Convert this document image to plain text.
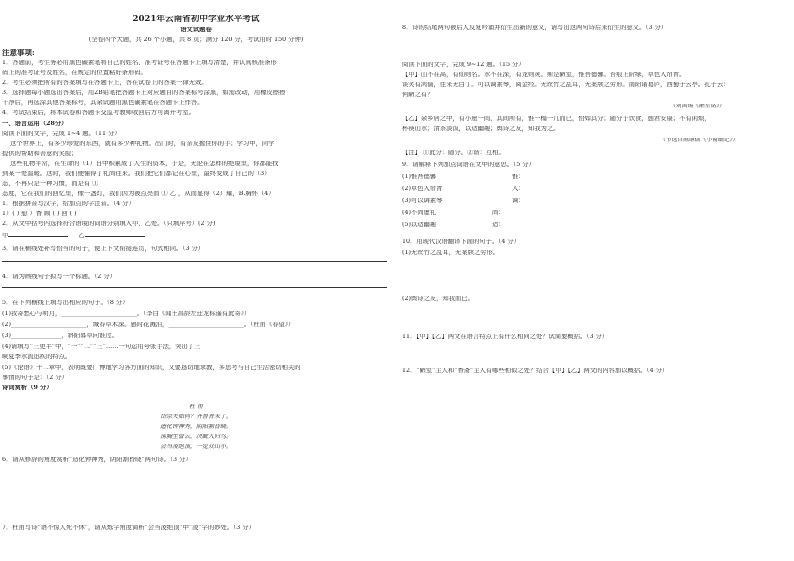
2021年云南省初中学业水平考试
语文试题卷
(全卷四个大题，共 26 个小题，共 8 页；满分 120 分，考试用时 150 分钟)
注意事项:
1．答题前，考生务必用黑色碳素笔将自己的姓名、准考证号在答题卡上填写清楚，并认真核准条形
码上的准考证号及姓名，在规定的位置粘好条形码。
2．考生必须把所有的答案填写在答题卡上，答在试卷上的答案一律无效。
3．选择题每小题选出答案后，用2B铅笔把答题卡上对应题目的答案标号涂黑，如需改动，用橡皮擦擦
干净后，再选涂其他答案标号，其余试题用黑色碳素笔在答题卡上作答。
4．考试结束后，将本试卷和答题卡交监考教师收回后方可离开考室。
一、语言运用（28分）
阅读下面的文字，完成 1~4 题。（11 分）
这个世界上，有多少珍爱的东西，就有多少种礼物。出门时，有亲友握住你的手；学习中，同学
提供的帮助和善意的笑脸；
这些礼物平常，在生命的（1）日中积累成了人生的资本，于是，无论在怎样的绝境里，你都能找
到某一处温暖。这时，我们便懂得了礼尚往来。我们把它们都记在心里，最终变成了自己的（3）
态，不再只是一种习惯，而是有 ①
态度，它在我们的回忆里，像一盏灯，我们因为被点亮而 ① 乙 ，从而显得（2）耀，B.胸怀（4）
1．根据拼音写汉字，给加点的字注音。（4 分）
1）( ) 慰 ）香 顾 ( ) 回 ( )
2．从文中括号内选择符合语境的词语分别填入甲、乙处。（只填序号）(2 分)
甲	乙
3．请在横线处补写恰当的句子，使上下文衔接连贯，句式相同。（3 分）
4．请为画线句子拟写一个标题。（2 分）
5．在下列横线上填写出相应的句子。（8 分）
(1)我寄愁心与明月，________________________。（李白《闻王昌龄左迁龙标遥有此寄》）
(2)________________________，城春草木深。感时花溅泪，________________________。（杜甫《春望》）
(3)________________，斜阳暮草向谁过。
(4)请填写“三更半”中，“一”“二”“三”……一句运用夸张手法，突出了三
峡夏季水流迅疾的特点。
(5)《论语》十二章中，表明既要广博地学习各方面的知识，又要恳切地求教，多思考与自己生活密切相关的
事情的句子是：（2 分）
诗词赏析（9 分）
杜 甫
岱宗夫如何？齐鲁青未了。
造化钟神秀，阴阳割昏晓。
荡胸生曾云，决眦入归鸟。
会当凌绝顶，一览众山小。
6．请从修辞的角度赏析“造化钟神秀，阴阳割昏晓”两句诗。（3 分）
7．杜甫写诗“语不惊人死不休”，请从炼字角度简析“会当凌绝顶”中“凌”字的妙处。（3 分）
8．诗的结尾两句被后人反复吟诵并衍生出新的意义，请写出这两句诗后来衍生的意义。（3 分）
阅读下面的文字，完成 9~12 题。（15 分）
【甲】山不在高，有仙则名。水不在深，有龙则灵。斯是陋室，惟吾德馨。苔痕上阶绿，草色入帘青。
谈笑有鸿儒，往来无白丁。可以调素琴，阅金经。无丝竹之乱耳，无案牍之劳形。南阳诸葛庐，西蜀子云亭。孔子云：
何陋之有？
（刘禹锡《陋室铭》）
【乙】余乡居之中，有小屋一间，其间所有，惟一榻一几而已，恰如其分；随分于饮食，憩君安康；不有闲烦，
杯筷山水；清茶淡饭，以适幽趣；舆诗之友，知我为之。
（节选自陈继儒《小窗幽记》）
【注】 ①此分：随分。②谐：互相。
9．请解释下列加点词语在文中的意思。（5 分）
(1)惟吾德馨	惟：
(2)草色入帘青	入：
(3)可以调素琴	调：
(4)不尚虚礼	尚：
(5)以适幽趣	适：
10．用现代汉语翻译下面的句子。（4 分）
(1)无丝竹之乱耳，无案牍之劳形。
(2)舆诗之友，知我而已。
11．【甲】【乙】两文在语言特点上有什么相同之处？试简要概括。（3 分）
12．“陋室”主人和“香斋”主人有哪些相似之处？结合【甲】【乙】两文的内容加以概括。（4 分）
